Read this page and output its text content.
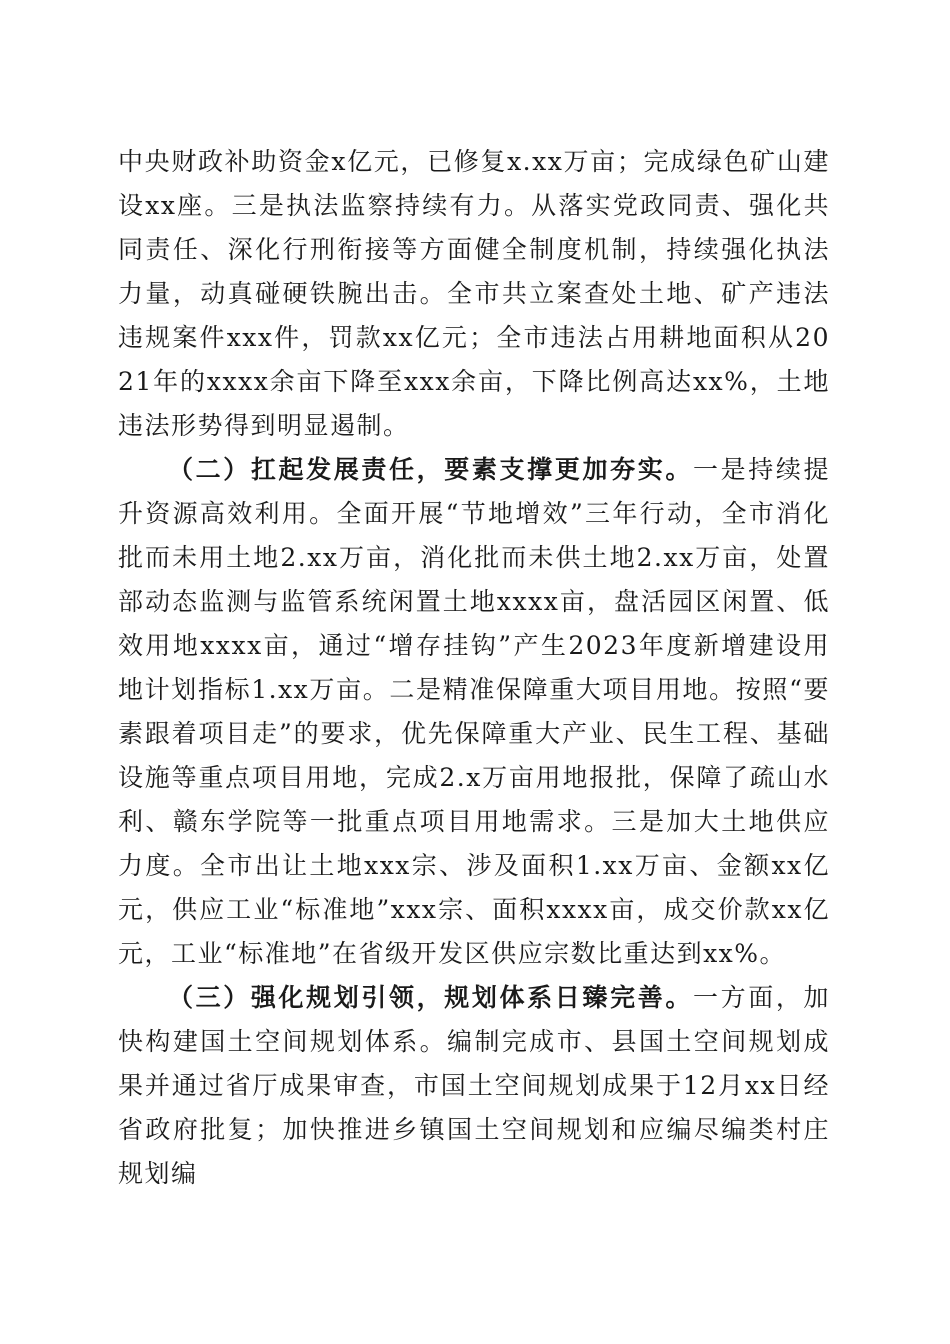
中央财政补助资金x亿元，已修复x.xx万亩；完成绿色矿山建设xx座。三是执法监察持续有力。从落实党政同责、强化共同责任、深化行刑衔接等方面健全制度机制，持续强化执法力量，动真碰硬铁腕出击。全市共立案查处土地、矿产违法违规案件xxx件，罚款xx亿元；全市违法占用耕地面积从2021年的xxxx余亩下降至xxx余亩，下降比例高达xx%，土地违法形势得到明显遏制。

（二）扛起发展责任，要素支撑更加夯实。一是持续提升资源高效利用。全面开展“节地增效”三年行动，全市消化批而未用土地2.xx万亩，消化批而未供土地2.xx万亩，处置部动态监测与监管系统闲置土地xxxx亩，盘活园区闲置、低效用地xxxx亩，通过“增存挂钩”产生2023年度新增建设用地计划指标1.xx万亩。二是精准保障重大项目用地。按照“要素跟着项目走”的要求，优先保障重大产业、民生工程、基础设施等重点项目用地，完成2.x万亩用地报批，保障了疏山水利、赣东学院等一批重点项目用地需求。三是加大土地供应力度。全市出让土地xxx宗、涉及面积1.xx万亩、金额xx亿元，供应工业“标准地”xxx宗、面积xxxx亩，成交价款xx亿元，工业“标准地”在省级开发区供应宗数比重达到xx%。

（三）强化规划引领，规划体系日臻完善。一方面，加快构建国土空间规划体系。编制完成市、县国土空间规划成果并通过省厅成果审查，市国土空间规划成果于12月xx日经省政府批复；加快推进乡镇国土空间规划和应编尽编类村庄规划编
